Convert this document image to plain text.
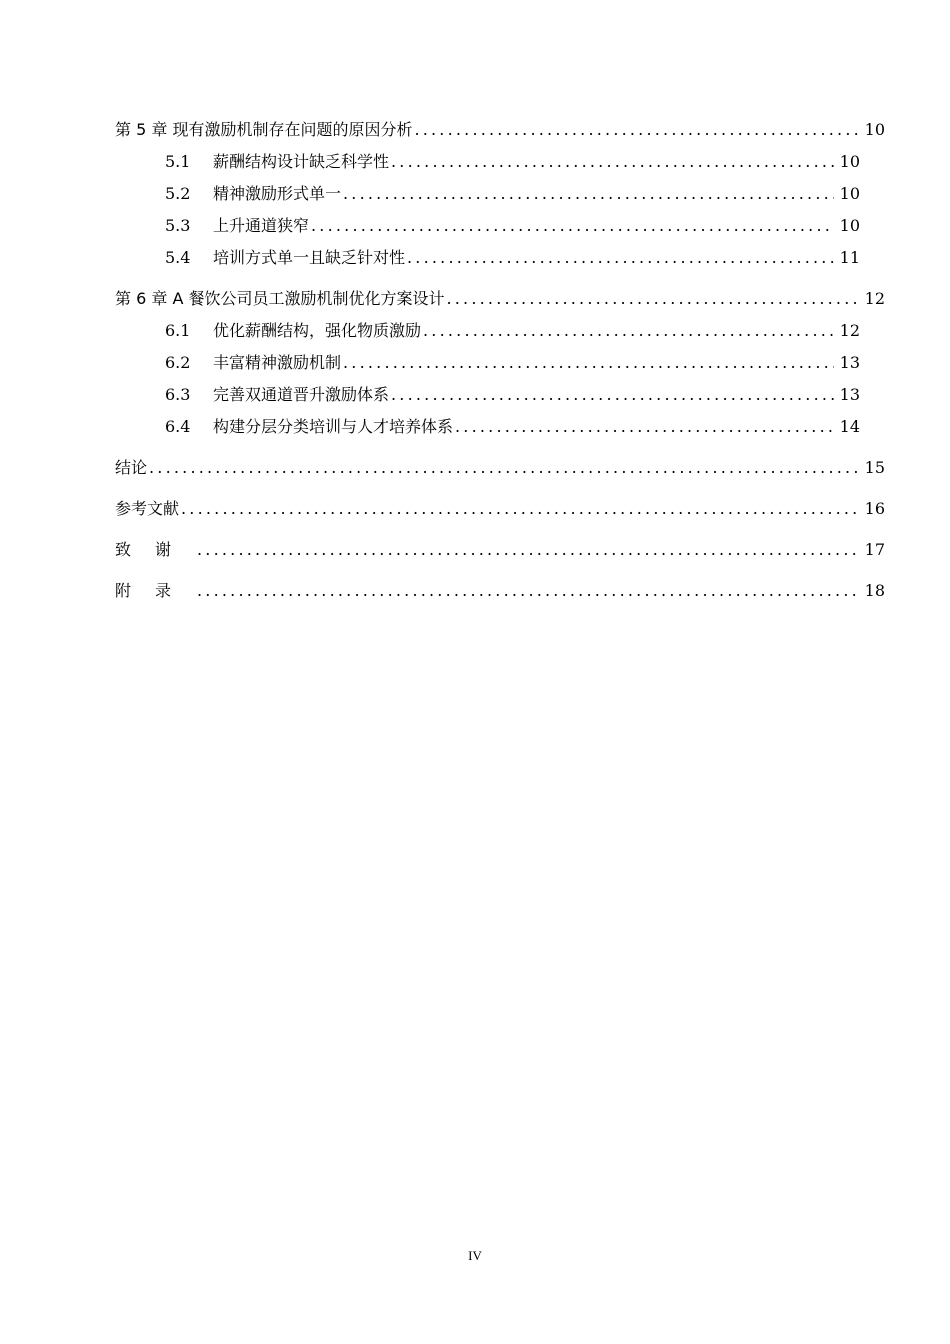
第 5 章 现有激励机制存在问题的原因分析 .....	10
5.1	薪酬结构设计缺乏科学性 .....	10
5.2	精神激励形式单一 .....	10
5.3	上升通道狭窄 .....	10
5.4	培训方式单一且缺乏针对性 .....	11
第 6 章 A 餐饮公司员工激励机制优化方案设计 .....	12
6.1	优化薪酬结构，强化物质激励 .....	12
6.2	丰富精神激励机制 .....	13
6.3	完善双通道晋升激励体系 .....	13
6.4	构建分层分类培训与人才培养体系 .....	14
结论 .....	15
参考文献 .....	16
致谢 .....	17
附录 .....	18
IV
